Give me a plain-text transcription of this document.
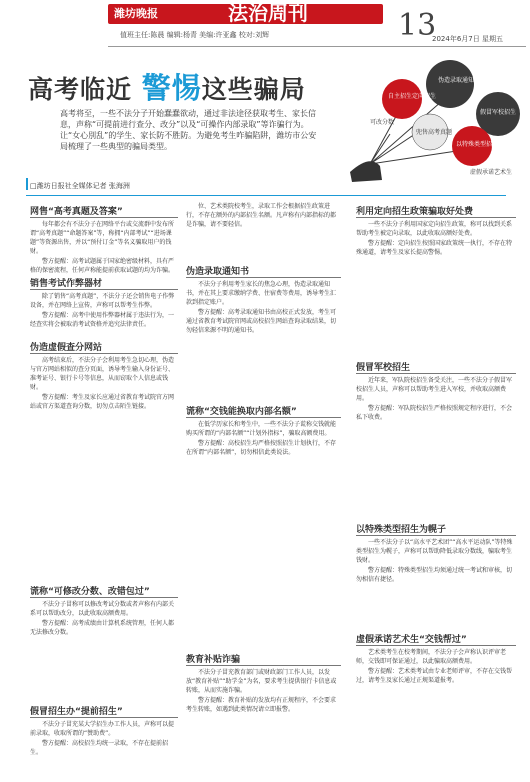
潍坊晚报	法治周刊
值班主任:陈晨 编辑:杨青 美编:许亚鑫 校对:刘辉	13
2024年6月7日 星期五
高考临近 警惕这些骗局
高考将至，一些不法分子开始蠢蠢欲动，通过非法途径获取考生、家长信息，声称“可提前进行查分、改分”以及“可操作内部录取”等诈骗行为。让“女心別乱”的学生、家长防不胜防。为避免考生咋骗陷阱，潍坊市公安局梳理了一些典型的骗局类型。
伪造录取通知书
自主招生定向招生
假冒军校招生
以特殊类型招生为幌子
兜售高考真题
虚假承诺艺术生
可改分数
□潍坊日报社全媒体记者 张海洲
网售“高考真题及答案”

每年都会有不法分子在网络平台或交流群中发布所谓“高考真题”“命题答案”等，称拥“内部考试”“进场课题”等资源出售，并以“预付订金”等名义骗取用户的钱财。

警方提醒：高考试题属于国家绝密级材料，具有严格的保密流程，任何声称能提前获取试题的均为诈骗。

销售考试作弊器材

除了销售“高考真题”，不法分子还会销售电子作弊设备，并在网络上宣传，声称可以帮考生作弊。

警方提醒：高考中使用作弊器材属于违法行为，一经查实将会被取消考试资格并追究法律责任。

伪造虚假查分网站

高考结束后，不法分子会利用考生急切心理，伪造与官方网站相似的查分页面，诱导考生输入身份证号、准考证号、银行卡号等信息，从而窃取个人信息或钱财。

警方提醒：考生及家长应通过省教育考试院官方网站或官方渠道查询分数，切勿点击陌生链接。

谎称“可修改分数、改错包过”

不法分子冒称可以修改考试分数或者声称有内部关系可以帮助改分，以此收取高额费用。

警方提醒：高考成绩由计算机系统管理，任何人都无法修改分数。

假冒招生办“提前招生”

不法分子冒充某大学招生办工作人员，声称可以提前录取，收取所谓的“赞助费”。

警方提醒：高校招生均统一录取，不存在提前招生。

位、艺术类院校考生，录取工作会根据招生政策进行，不存在额外的内部招生名额。凡声称有内部指标的都是诈骗，请不要轻信。

伪造录取通知书

不法分子利用考生家长的焦急心理，伪造录取通知书，并在其上要求缴纳学费、住宿费等费用，诱导考生汇款到指定账户。

警方提醒：高考录取通知书由高校正式发放，考生可通过省教育考试院官网或高校招生网站查询录取结果，切勿轻信来源不明的通知书。

谎称“交钱能换取内部名额”

在低学历家长和考生中，一些不法分子谎称交钱就能购买所谓的“内部名额”“计划外指标”，骗取高额费用。

警方提醒：高校招生均严格按照招生计划执行，不存在所谓“内部名额”，切勿相信此类说法。

教育补贴诈骗

不法分子冒充教育部门或财政部门工作人员，以发放“教育补贴”“助学金”为名，要求考生提供银行卡信息或转账，从而实施诈骗。

警方提醒：教育补贴的发放均有正规程序，不会要求考生转账，如遇到此类情况请立即报警。

利用定向招生政策骗取好处费

一些不法分子利用国家定向招生政策，称可以找到关系帮助考生被定向录取，以此收取高额好处费。

警方提醒：定向招生按照国家政策统一执行，不存在特殊通道，请考生及家长提高警惕。

假冒军校招生

近年来，军队院校招生备受关注，一些不法分子假冒军校招生人员，声称可以帮助考生进入军校，并收取高额费用。

警方提醒：军队院校招生严格按照规定程序进行，不会私下收费。

以特殊类型招生为幌子

一些不法分子以“高水平艺术团”“高水平运动队”等特殊类型招生为幌子，声称可以帮助降低录取分数线，骗取考生钱财。

警方提醒：特殊类型招生均须通过统一考试和审核，切勿相信有捷径。

虚假承诺艺术生“交钱帮过”

艺术类考生在校考期间，不法分子会声称认识评审老师，交钱即可保证通过，以此骗取高额费用。

警方提醒：艺术类考试由专业老师评审，不存在交钱帮过，请考生及家长通过正规渠道报考。
